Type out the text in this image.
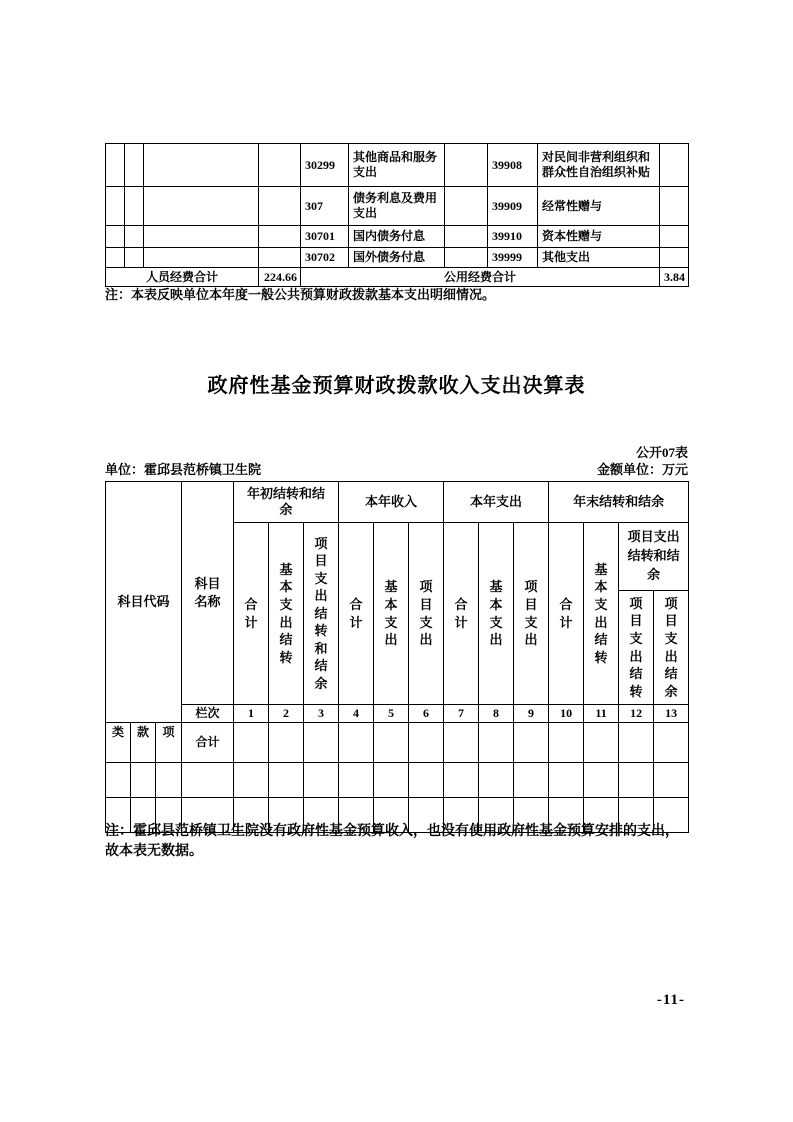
				30299	其他商品和服务支出		39908	对民间非营利组织和群众性自治组织补贴	
				307	债务利息及费用支出		39909	经常性赠与	
				30701	国内债务付息		39910	资本性赠与	
				30702	国外债务付息		39999	其他支出	
人员经费合计			224.66	公用经费合计					3.84
注：本表反映单位本年度一般公共预算财政拨款基本支出明细情况。
政府性基金预算财政拨款收入支出决算表
公开07表
单位：霍邱县范桥镇卫生院	金额单位：万元
科目代码			科目名称	年初结转和结余			本年收入			本年支出			年末结转和结余			
				合计	基本支出结转	项目支出结转和结余	合计	基本支出	项目支出	合计	基本支出	项目支出	合计	基本支出结转	项目支出结转和结余	
															项目支出结转	项目支出结余
			栏次	1	2	3	4	5	6	7	8	9	10	11	12	13
类	款	项	合计													

注：霍邱县范桥镇卫生院没有政府性基金预算收入，也没有使用政府性基金预算安排的支出，
故本表无数据。
-11-
